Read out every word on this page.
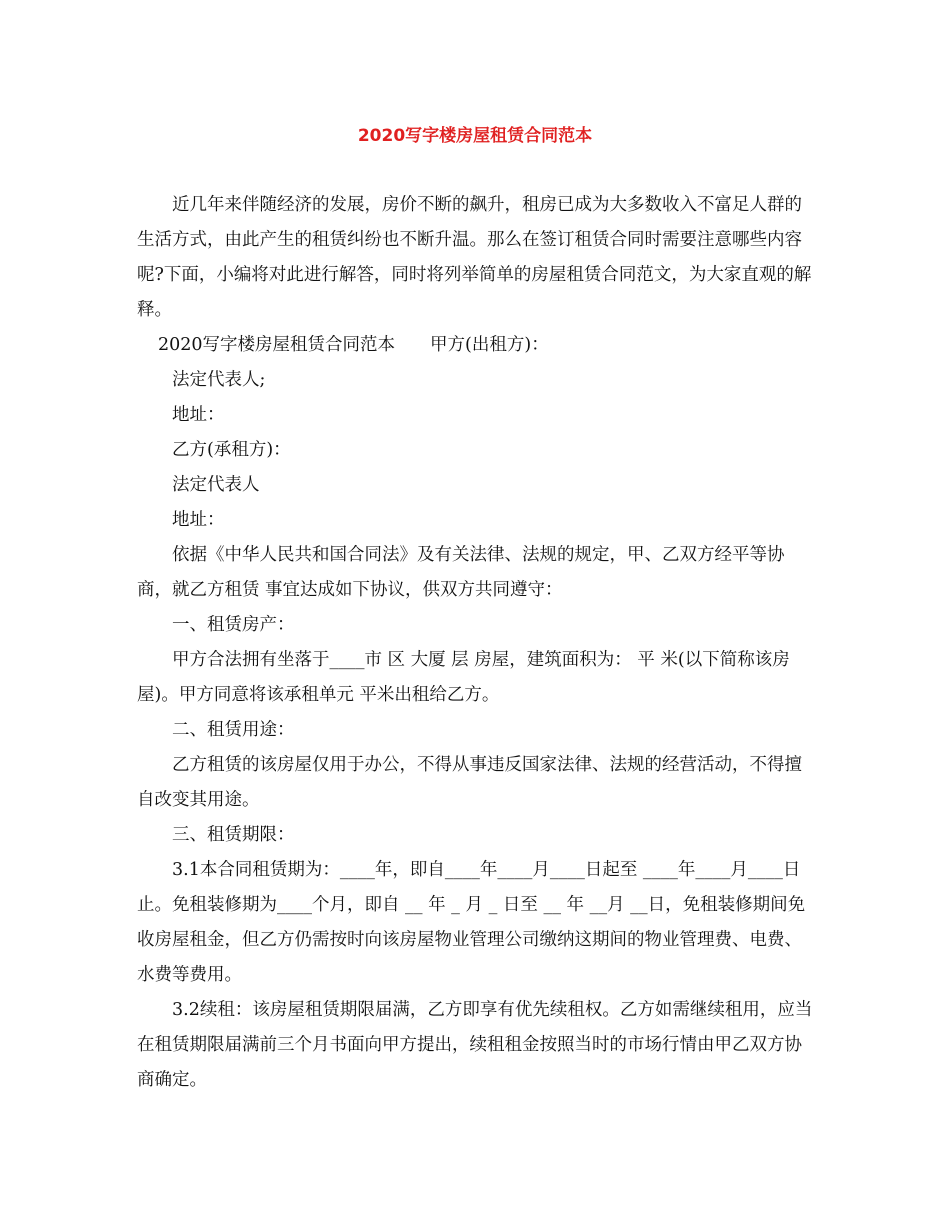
2020写字楼房屋租赁合同范本

近几年来伴随经济的发展，房价不断的飙升，租房已成为大多数收入不富足人群的生活方式，由此产生的租赁纠纷也不断升温。那么在签订租赁合同时需要注意哪些内容呢?下面，小编将对此进行解答，同时将列举简单的房屋租赁合同范文，为大家直观的解释。

2020写字楼房屋租赁合同范本　　甲方(出租方)：

法定代表人;

地址：

乙方(承租方)：

法定代表人

地址：

依据《中华人民共和国合同法》及有关法律、法规的规定，甲、乙双方经平等协商，就乙方租赁 事宜达成如下协议，供双方共同遵守：

一、租赁房产：

甲方合法拥有坐落于____市 区 大厦 层 房屋，建筑面积为： 平 米(以下简称该房屋)。甲方同意将该承租单元 平米出租给乙方。

二、租赁用途：

乙方租赁的该房屋仅用于办公，不得从事违反国家法律、法规的经营活动，不得擅自改变其用途。

三、租赁期限：

3.1本合同租赁期为：____年，即自____年____月____日起至 ____年____月____日止。免租装修期为____个月，即自 __ 年 _ 月 _ 日至 __ 年 __月 __日，免租装修期间免收房屋租金，但乙方仍需按时向该房屋物业管理公司缴纳这期间的物业管理费、电费、水费等费用。

3.2续租：该房屋租赁期限届满，乙方即享有优先续租权。乙方如需继续租用，应当在租赁期限届满前三个月书面向甲方提出，续租租金按照当时的市场行情由甲乙双方协商确定。
